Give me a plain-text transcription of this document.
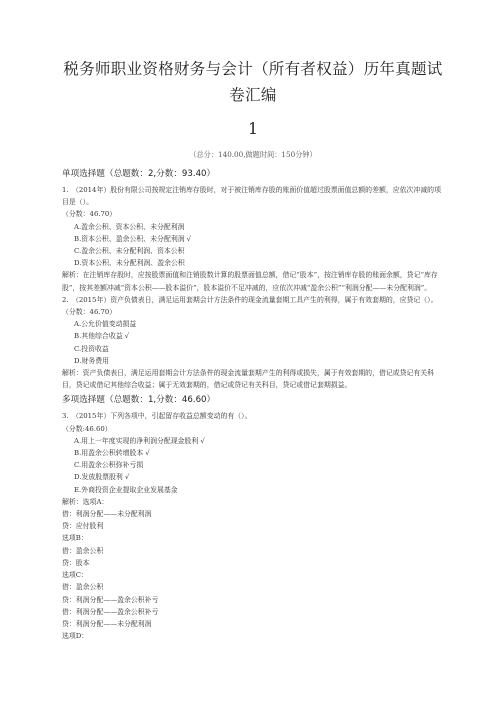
税务师职业资格财务与会计（所有者权益）历年真题试卷汇编
1
（总分：140.00,做题时间：150分钟）
单项选择题（总题数：2,分数：93.40）
1.　（2014年）股份有限公司按规定注销库存股时，对于被注销库存股的账面价值超过股票面值总额的差额，应依次冲减的项目是（）。
（分数：46.70）
A.盈余公积、资本公积、未分配利润
B.资本公积、盈余公积、未分配利润 √
C.盈余公积、未分配利润、资本公积
D.资本公积、未分配利润、盈余公积
解析：在注销库存股时，应按股票面值和注销股数计算的股票面值总额，借记“股本”，按注销库存股的账面余额，贷记“库存股”，按其差额冲减“资本公积——股本溢价”，股本溢价不足冲减的，应依次冲减“盈余公积”“利润分配——未分配利润”。
2.　（2015年）资产负债表日，满足运用套期会计方法条件的现金流量套期工具产生的利得，属于有效套期的，应贷记（）。
（分数：46.70）
A.公允价值变动损益
B.其他综合收益 √
C.投资收益
D.财务费用
解析：资产负债表日，满足运用套期会计方法条件的现金流量套期产生的利得或损失，属于有效套期的，借记或贷记有关科目，贷记或借记其他综合收益；属于无效套期的，借记或贷记有关科目，贷记或借记套期损益。
多项选择题（总题数：1,分数：46.60）
3.　（2015年）下列各项中，引起留存收益总额变动的有（）。
（分数:46.60）
A.用上一年度实现的净利润分配现金股利 √
B.用盈余公积转增股本 √
C.用盈余公积弥补亏损
D.发放股票股利 √
E.外商投资企业提取企业发展基金
解析：选项A：
借：利润分配——未分配利润
贷：应付股利
选项B：
借：盈余公积
贷：股本
选项C：
借：盈余公积
贷：利润分配——盈余公积补亏
借：利润分配——盈余公积补亏
贷：利润分配——未分配利润
选项D：
